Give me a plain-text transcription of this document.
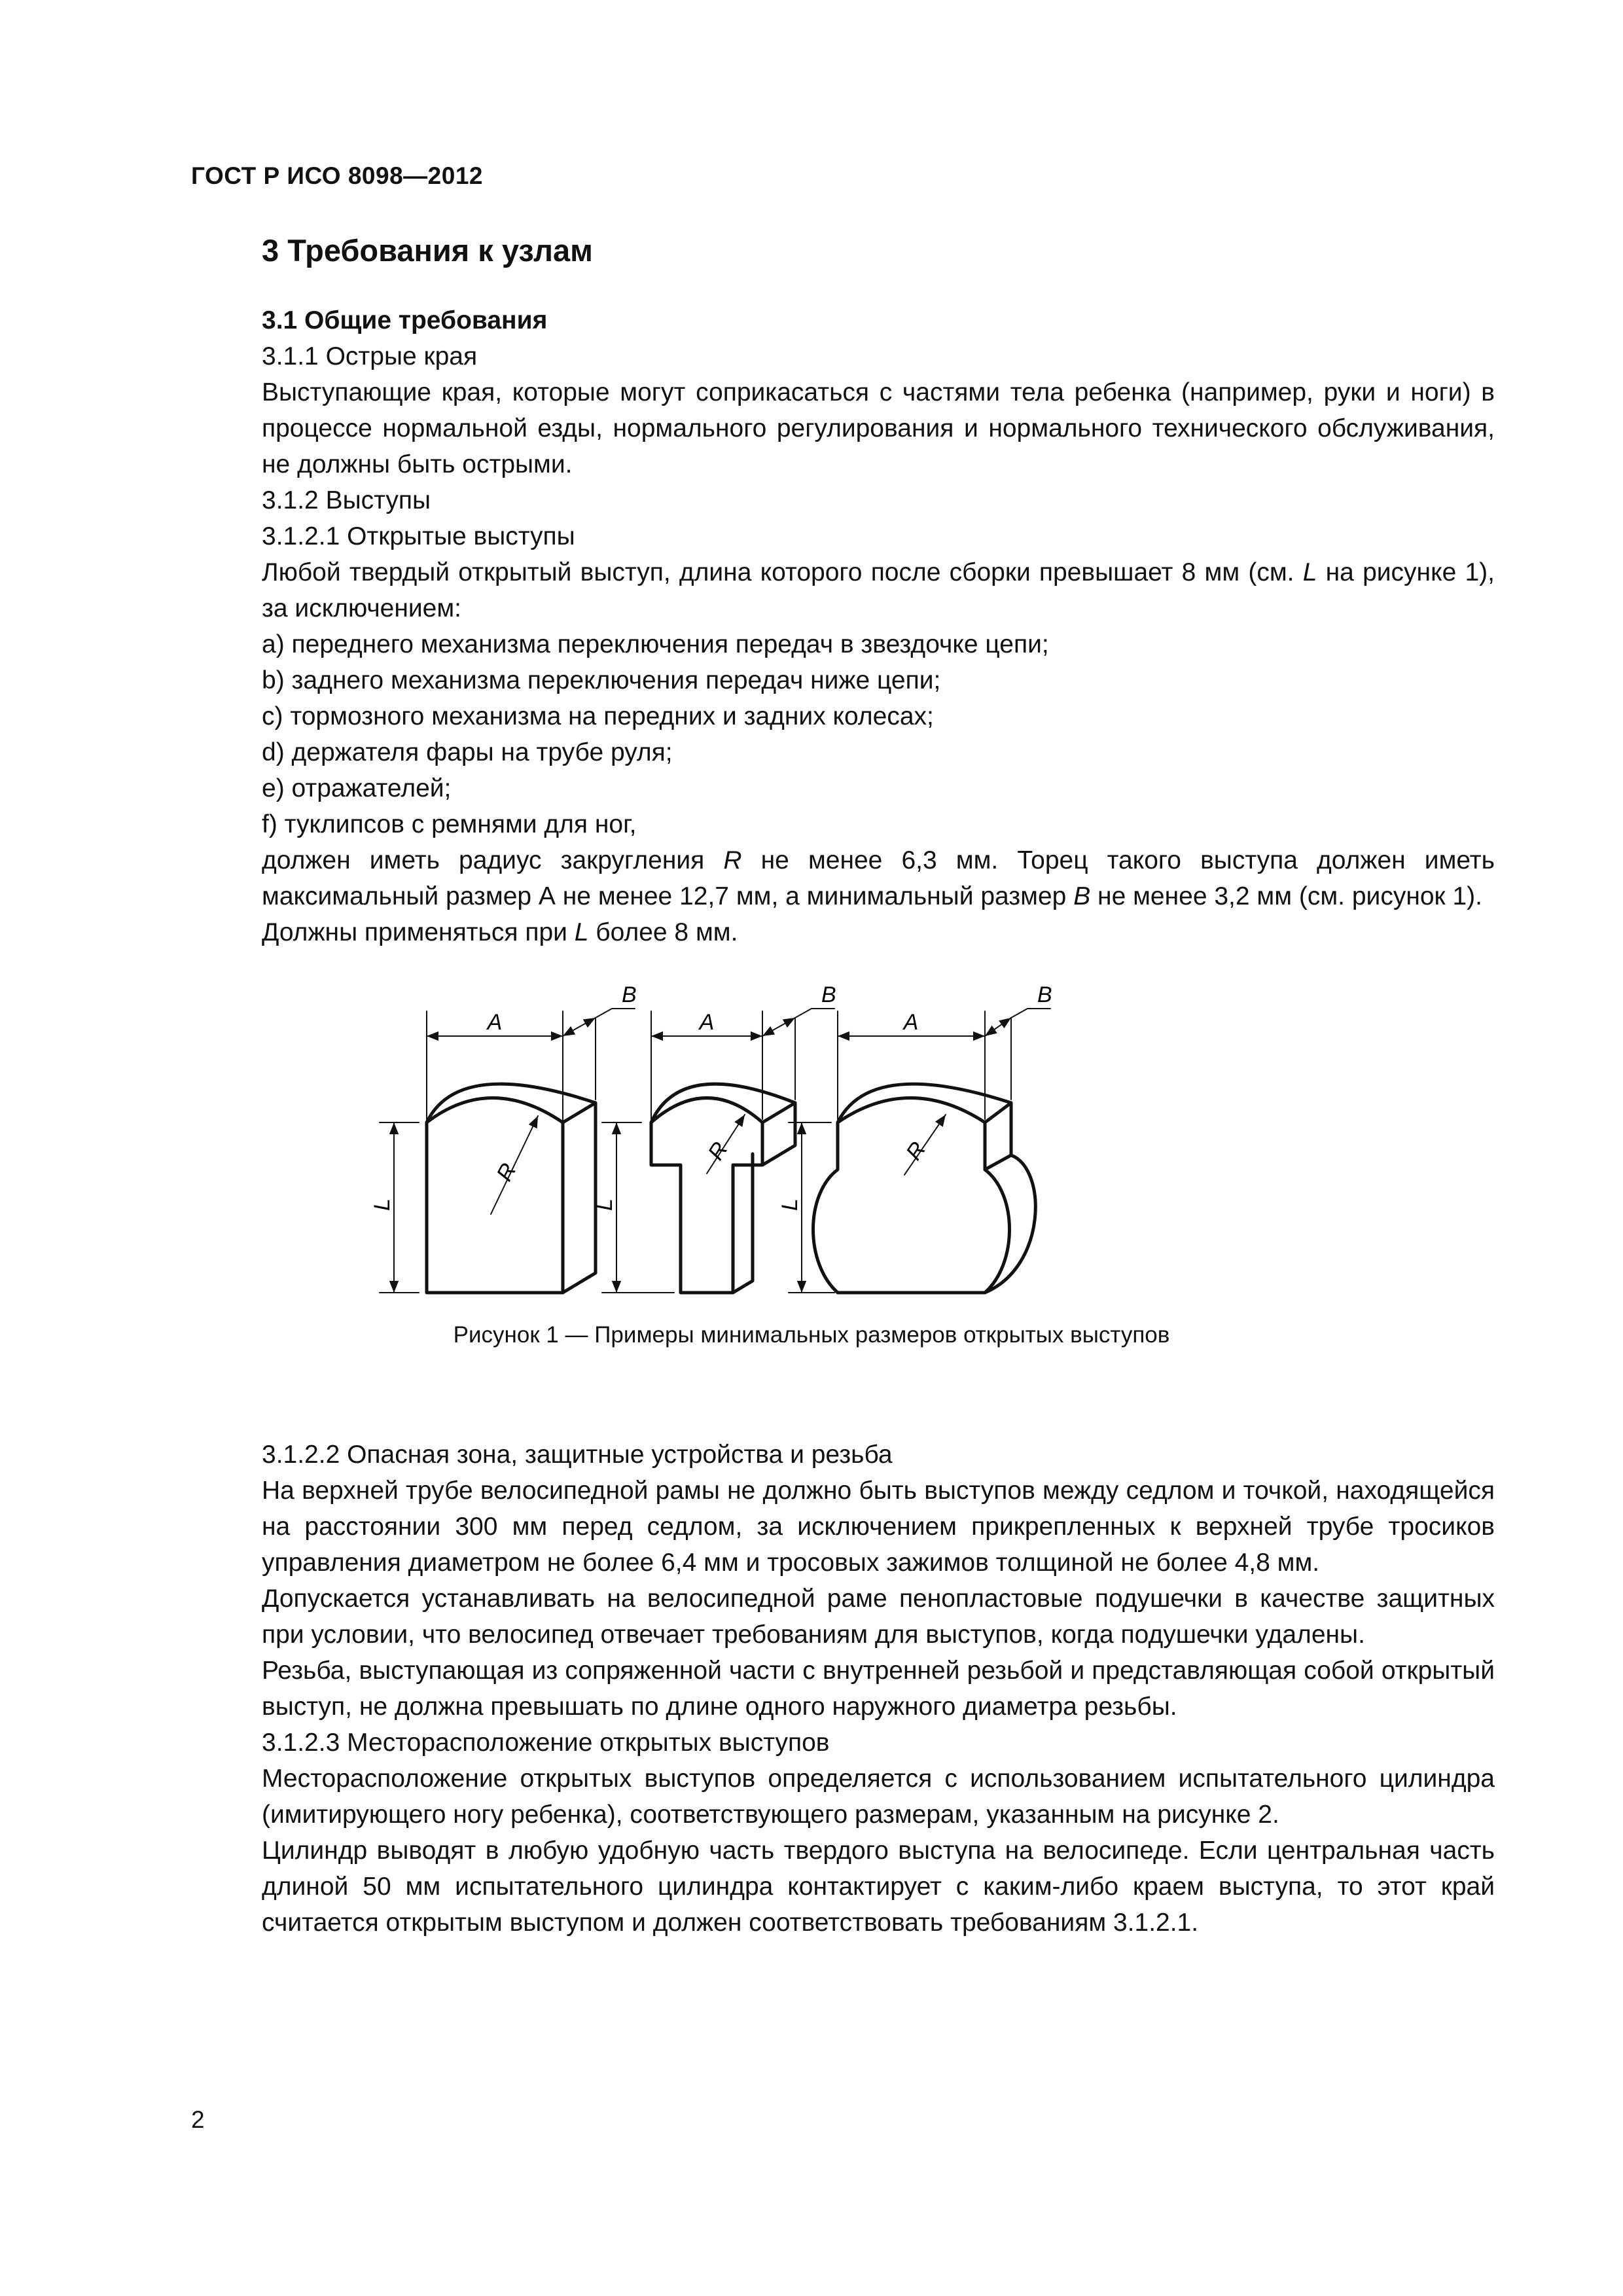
ГОСТ Р ИСО 8098—2012
3 Требования к узлам

3.1 Общие требования

3.1.1 Острые края

Выступающие края, которые могут соприкасаться с частями тела ребенка (например, руки и ноги) в процессе нормальной езды, нормального регулирования и нормального технического обслуживания, не должны быть острыми.

3.1.2 Выступы

3.1.2.1 Открытые выступы

Любой твердый открытый выступ, длина которого после сборки превышает 8 мм (см. L на рисунке 1), за исключением:

a) переднего механизма переключения передач в звездочке цепи;

b) заднего механизма переключения передач ниже цепи;

c) тормозного механизма на передних и задних колесах;

d) держателя фары на трубе руля;

e) отражателей;

f) туклипсов с ремнями для ног,

должен иметь радиус закругления R не менее 6,3 мм. Торец такого выступа должен иметь максимальный размер А не менее 12,7 мм, а минимальный размер B не менее 3,2 мм (см. рисунок 1).

Должны применяться при L более 8 мм.

A
B
L
R
A
B
L
R
A
B
L
R
Рисунок 1 — Примеры минимальных размеров открытых выступов

3.1.2.2 Опасная зона, защитные устройства и резьба

На верхней трубе велосипедной рамы не должно быть выступов между седлом и точкой, находящейся на расстоянии 300 мм перед седлом, за исключением прикрепленных к верхней трубе тросиков управления диаметром не более 6,4 мм и тросовых зажимов толщиной не более 4,8 мм.

Допускается устанавливать на велосипедной раме пенопластовые подушечки в качестве защитных при условии, что велосипед отвечает требованиям для выступов, когда подушечки удалены.

Резьба, выступающая из сопряженной части с внутренней резьбой и представляющая собой открытый выступ, не должна превышать по длине одного наружного диаметра резьбы.

3.1.2.3 Месторасположение открытых выступов

Месторасположение открытых выступов определяется с использованием испытательного цилиндра (имитирующего ногу ребенка), соответствующего размерам, указанным на рисунке 2.

Цилиндр выводят в любую удобную часть твердого выступа на велосипеде. Если центральная часть длиной 50 мм испытательного цилиндра контактирует с каким-либо краем выступа, то этот край считается открытым выступом и должен соответствовать требованиям 3.1.2.1.

2
